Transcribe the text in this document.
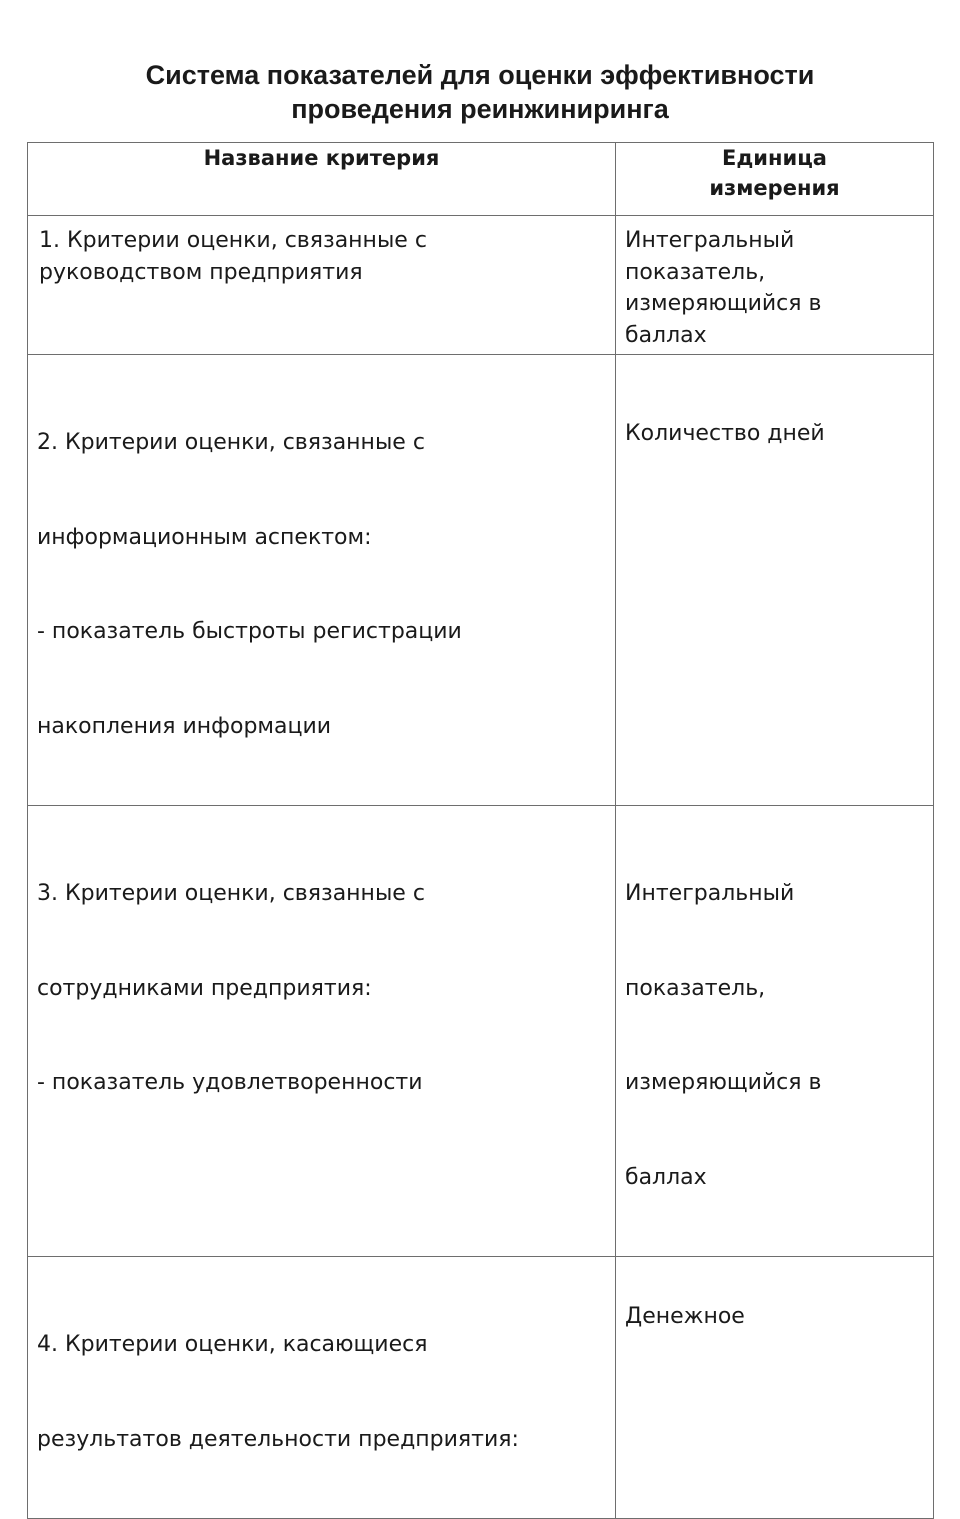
Система показателей для оценки эффективности
проведения реинжиниринга
Название критерия	Единица
измерения

1. Критерии оценки, связанные с
руководством предприятия	Интегральный
показатель,
измеряющийся в
баллах

2. Критерии оценки, связанные с

информационным аспектом:

- показатель быстроты регистрации

накопления информации	Количество дней

3. Критерии оценки, связанные с

сотрудниками предприятия:

- показатель удовлетворенности	Интегральный

показатель,

измеряющийся в

баллах

4. Критерии оценки, касающиеся

результатов деятельности предприятия:	Денежное
